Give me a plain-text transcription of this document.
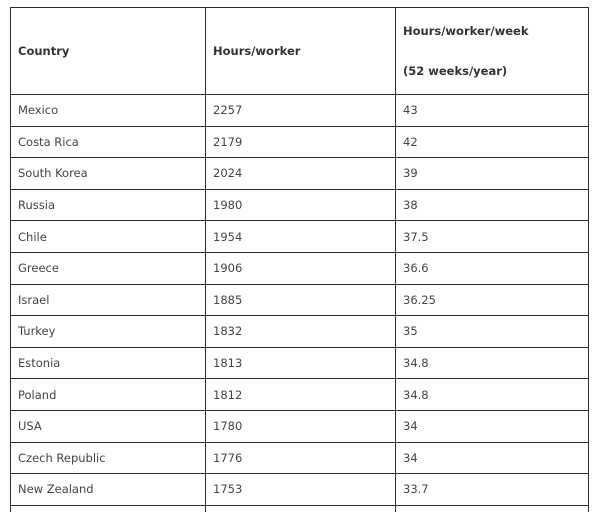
Country	Hours/worker	Hours/worker/week
(52 weeks/year)

Mexico	2257	43
Costa Rica	2179	42
South Korea	2024	39
Russia	1980	38
Chile	1954	37.5
Greece	1906	36.6
Israel	1885	36.25
Turkey	1832	35
Estonia	1813	34.8
Poland	1812	34.8
USA	1780	34
Czech Republic	1776	34
New Zealand	1753	33.7
